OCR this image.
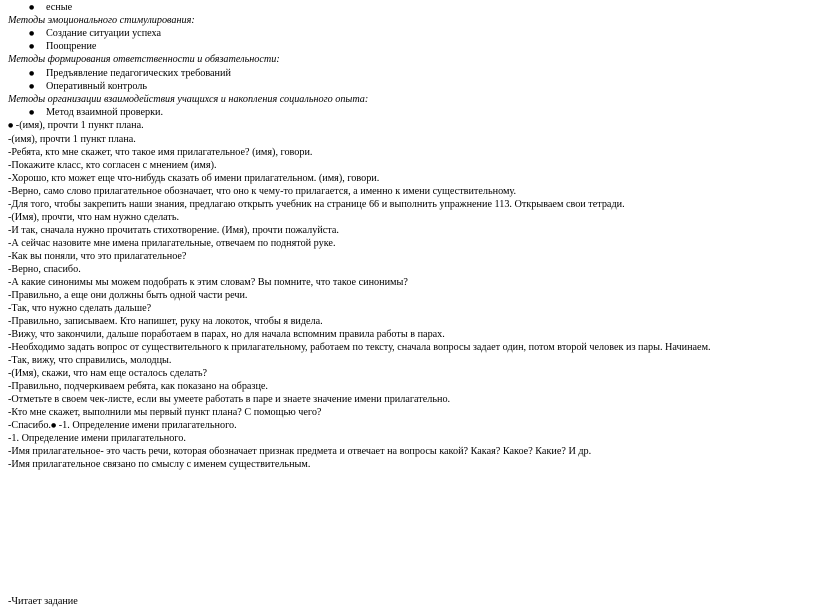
● есные
Методы эмоционального стимулирования:
● Создание ситуации успеха
● Поощрение
Методы формирования ответственности и обязательности:
● Предъявление педагогических требований
● Оперативный контроль
Методы организации взаимодействия учащихся и накопления социального опыта:
● Метод взаимной проверки.
● -(имя), прочти 1 пункт плана.
-(имя), прочти 1 пункт плана.
-Ребята, кто мне скажет, что такое имя прилагательное? (имя), говори.
-Покажите класс, кто согласен с мнением (имя).
-Хорошо, кто может еще что-нибудь сказать об имени прилагательном. (имя), говори.
-Верно, само слово прилагательное обозначает, что оно к чему-то прилагается, а именно к имени существительному.
-Для того, чтобы закрепить наши знания, предлагаю открыть учебник на странице 66 и выполнить упражнение 113. Открываем свои тетради.
-(Имя), прочти, что нам нужно сделать.
-И так, сначала нужно прочитать стихотворение. (Имя), прочти пожалуйста.
-А сейчас назовите мне имена прилагательные, отвечаем по поднятой руке.
-Как вы поняли, что это прилагательное?
-Верно, спасибо.
-А какие синонимы мы можем подобрать к этим словам? Вы помните, что такое синонимы?
-Правильно, а еще они должны быть одной части речи.
-Так, что нужно сделать дальше?
-Правильно, записываем. Кто напишет, руку на локоток, чтобы я видела.
-Вижу, что закончили, дальше поработаем в парах, но для начала вспомним правила работы в парах.
-Необходимо задать вопрос от существительного к прилагательному, работаем по тексту, сначала вопросы задает один, потом второй человек из пары. Начинаем.
-Так, вижу, что справились, молодцы.
-(Имя), скажи, что нам еще осталось сделать?
-Правильно, подчеркиваем ребята, как показано на образце.
-Отметьте в своем чек-листе, если вы умеете работать в паре и знаете значение имени прилагательно.
-Кто мне скажет, выполнили мы первый пункт плана? С помощью чего?
-Спасибо.● -1. Определение имени прилагательного.
-1. Определение имени прилагательного.
-Имя прилагательное- это часть речи, которая обозначает признак предмета и отвечает на вопросы какой? Какая? Какое? Какие? И др.
-Имя прилагательное связано по смыслу с именем существительным.
-Читает задание
